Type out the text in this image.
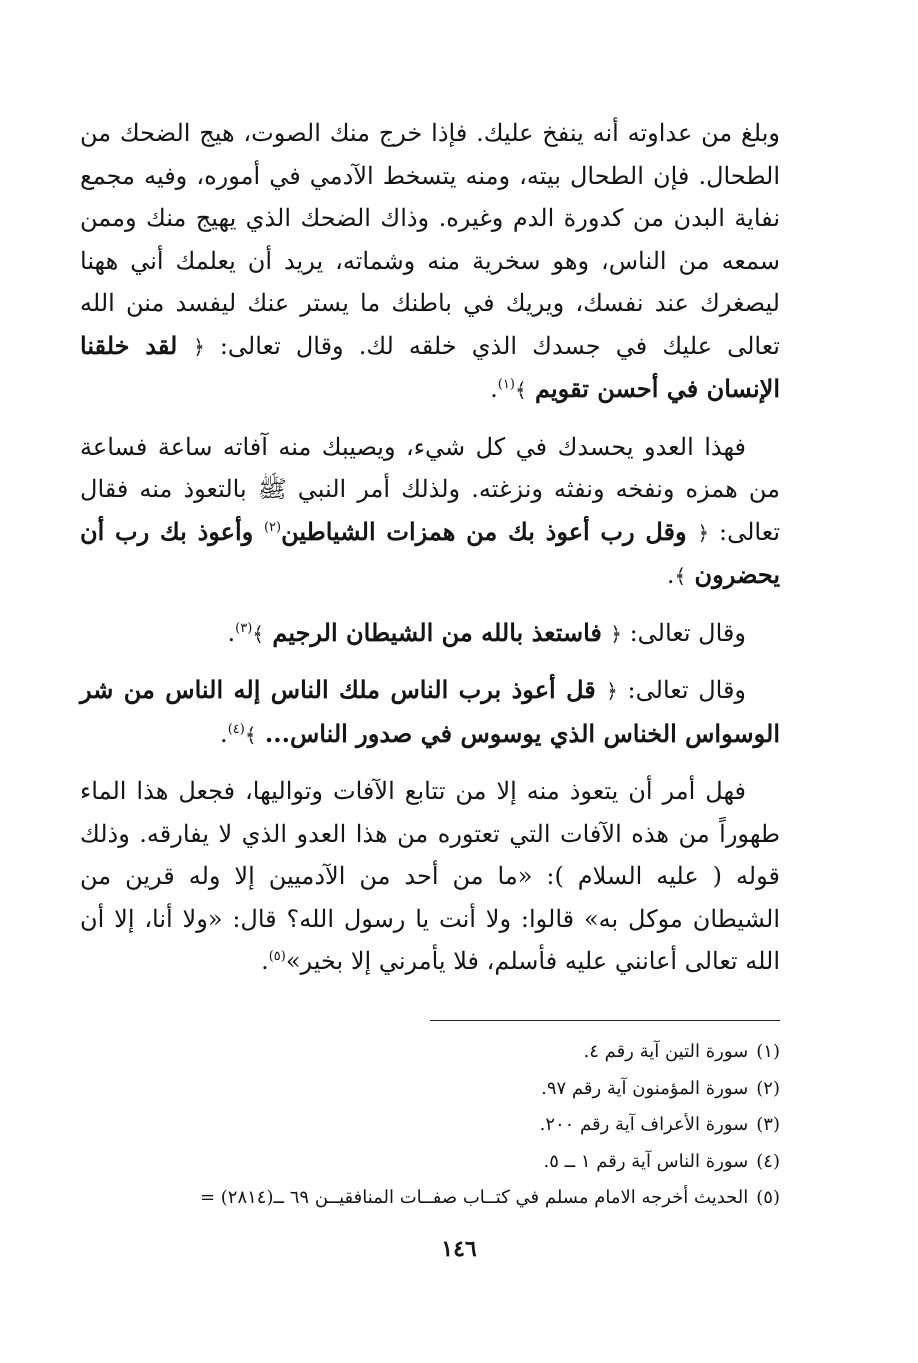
وبلغ من عداوته أنه ينفخ عليك. فإذا خرج منك الصوت، هيج الضحك من الطحال. فإن الطحال بيته، ومنه يتسخط الآدمي في أموره، وفيه مجمع نفاية البدن من كدورة الدم وغيره. وذاك الضحك الذي يهيج منك وممن سمعه من الناس، وهو سخرية منه وشماته، يريد أن يعلمك أني ههنا ليصغرك عند نفسك، ويريك في باطنك ما يستر عنك ليفسد منن الله تعالى عليك في جسدك الذي خلقه لك. وقال تعالى: ﴿ لقد خلقنا الإنسان في أحسن تقويم ﴾$^{(١)}$.

فهذا العدو يحسدك في كل شيء، ويصيبك منه آفاته ساعة فساعة من همزه ونفخه ونفثه ونزغته. ولذلك أمر النبي ﷺ بالتعوذ منه فقال تعالى: ﴿ وقل رب أعوذ بك من همزات الشياطين$^{(٢)}$ وأعوذ بك رب أن يحضرون ﴾.

وقال تعالى: ﴿ فاستعذ بالله من الشيطان الرجيم ﴾$^{(٣)}$.

وقال تعالى: ﴿ قل أعوذ برب الناس ملك الناس إله الناس من شر الوسواس الخناس الذي يوسوس في صدور الناس... ﴾$^{(٤)}$.

فهل أمر أن يتعوذ منه إلا من تتابع الآفات وتواليها، فجعل هذا الماء طهوراً من هذه الآفات التي تعتوره من هذا العدو الذي لا يفارقه. وذلك قوله ( عليه السلام ): «ما من أحد من الآدميين إلا وله قرين من الشيطان موكل به» قالوا: ولا أنت يا رسول الله؟ قال: «ولا أنا، إلا أن الله تعالى أعانني عليه فأسلم، فلا يأمرني إلا بخير»$^{(٥)}$.

(١)سورة التين آية رقم ٤.
(٢)سورة المؤمنون آية رقم ٩٧.
(٣)سورة الأعراف آية رقم ٢٠٠.
(٤)سورة الناس آية رقم ١ ــ ٥.
(٥)الحديث أخرجه الامام مسلم في كتــاب صفــات المنافقيــن ٦٩ ــ(٢٨١٤) =
١٤٦
